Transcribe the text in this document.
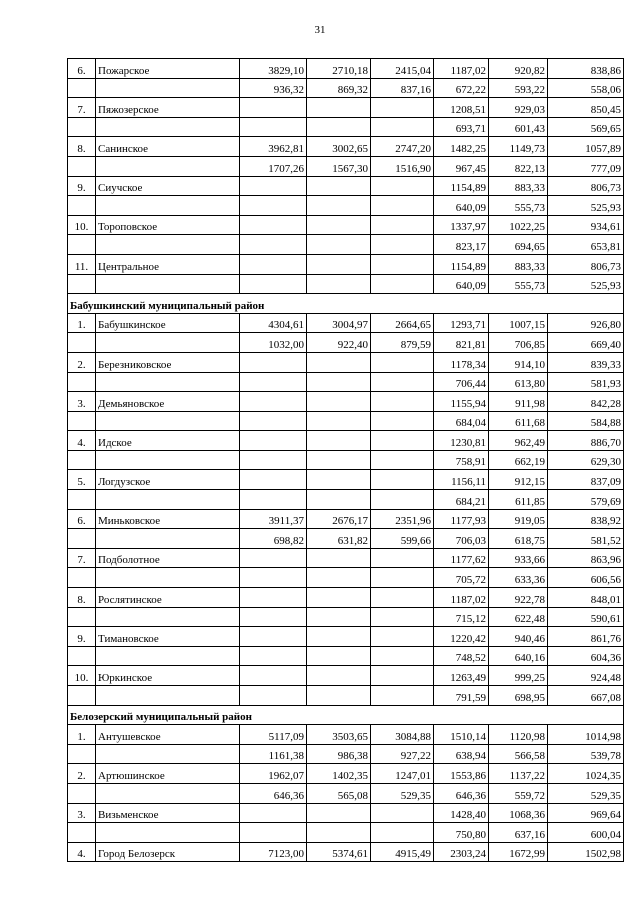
31
6.	Пожарское	3829,10	2710,18	2415,04	1187,02	920,82	838,86
		936,32	869,32	837,16	672,22	593,22	558,06
7.	Пяжозерское				1208,51	929,03	850,45
					693,71	601,43	569,65
8.	Санинское	3962,81	3002,65	2747,20	1482,25	1149,73	1057,89
		1707,26	1567,30	1516,90	967,45	822,13	777,09
9.	Сиучское				1154,89	883,33	806,73
					640,09	555,73	525,93
10.	Тороповское				1337,97	1022,25	934,61
					823,17	694,65	653,81
11.	Центральное				1154,89	883,33	806,73
					640,09	555,73	525,93
Бабушкинский муниципальный район							
1.	Бабушкинское	4304,61	3004,97	2664,65	1293,71	1007,15	926,80
		1032,00	922,40	879,59	821,81	706,85	669,40
2.	Березниковское				1178,34	914,10	839,33
					706,44	613,80	581,93
3.	Демьяновское				1155,94	911,98	842,28
					684,04	611,68	584,88
4.	Идское				1230,81	962,49	886,70
					758,91	662,19	629,30
5.	Логдузское				1156,11	912,15	837,09
					684,21	611,85	579,69
6.	Миньковское	3911,37	2676,17	2351,96	1177,93	919,05	838,92
		698,82	631,82	599,66	706,03	618,75	581,52
7.	Подболотное				1177,62	933,66	863,96
					705,72	633,36	606,56
8.	Рослятинское				1187,02	922,78	848,01
					715,12	622,48	590,61
9.	Тимановское				1220,42	940,46	861,76
					748,52	640,16	604,36
10.	Юркинское				1263,49	999,25	924,48
					791,59	698,95	667,08
Белозерский муниципальный район							
1.	Антушевское	5117,09	3503,65	3084,88	1510,14	1120,98	1014,98
		1161,38	986,38	927,22	638,94	566,58	539,78
2.	Артюшинское	1962,07	1402,35	1247,01	1553,86	1137,22	1024,35
		646,36	565,08	529,35	646,36	559,72	529,35
3.	Визьменское				1428,40	1068,36	969,64
					750,80	637,16	600,04
4.	Город Белозерск	7123,00	5374,61	4915,49	2303,24	1672,99	1502,98
